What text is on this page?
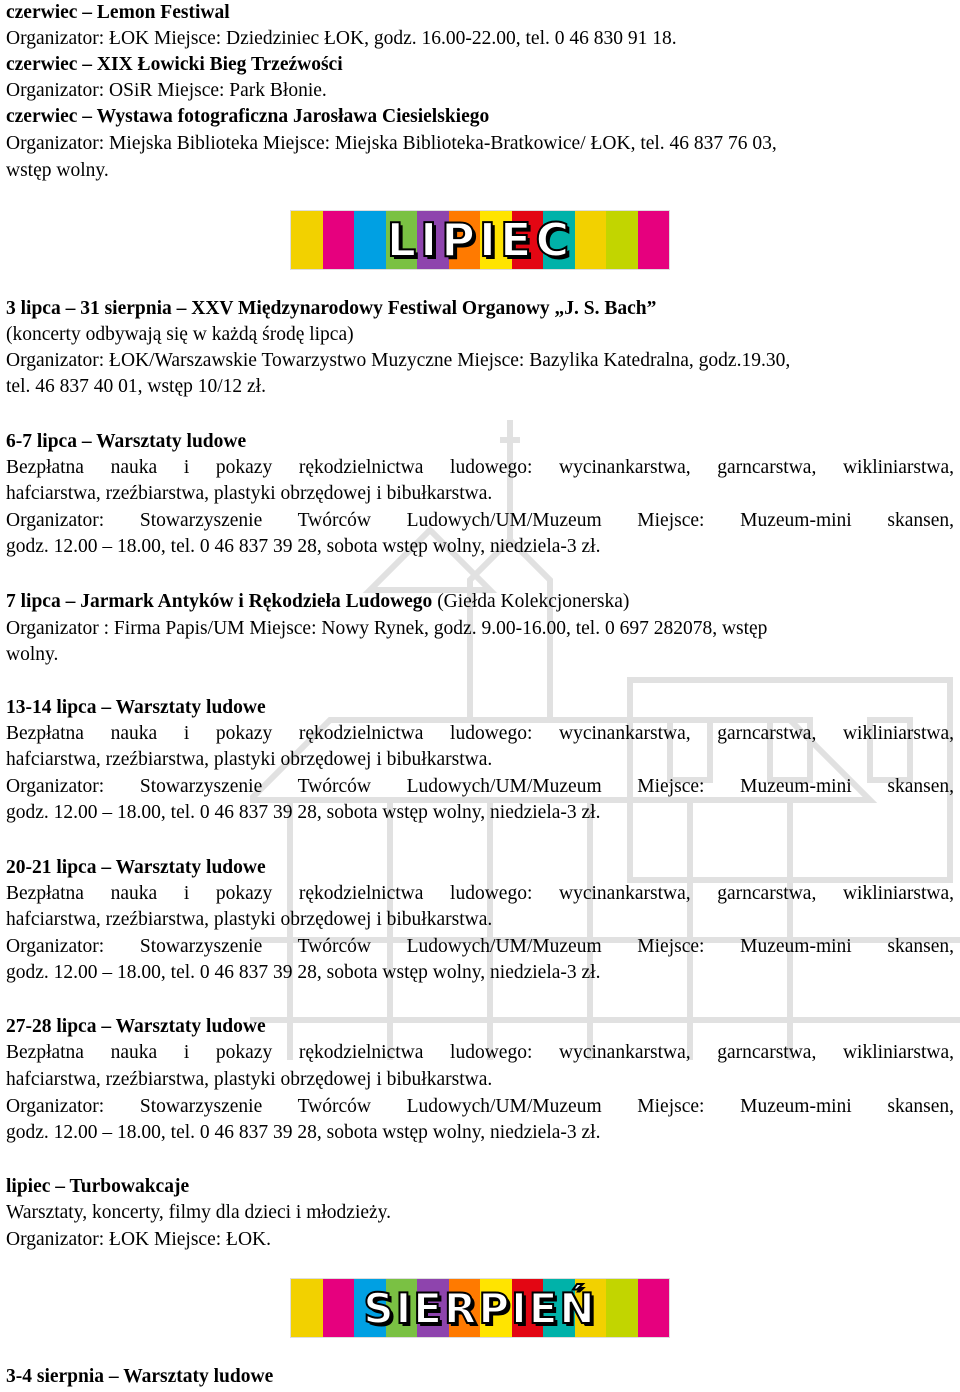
czerwiec – Lemon Festiwal
Organizator: ŁOK Miejsce: Dziedziniec ŁOK, godz. 16.00-22.00, tel. 0 46 830 91 18.
czerwiec – XIX Łowicki Bieg Trzeźwości
Organizator: OSiR Miejsce: Park Błonie.
czerwiec – Wystawa fotograficzna Jarosława Ciesielskiego
Organizator: Miejska Biblioteka Miejsce: Miejska Biblioteka-Bratkowice/ ŁOK, tel. 46 837 76 03,
wstęp wolny.
LIPIEC
3 lipca – 31 sierpnia – XXV Międzynarodowy Festiwal Organowy „J. S. Bach”
(koncerty odbywają się w każdą środę lipca)
Organizator: ŁOK/Warszawskie Towarzystwo Muzyczne Miejsce: Bazylika Katedralna, godz.19.30,
tel. 46 837 40 01, wstęp 10/12 zł.
6-7 lipca – Warsztaty ludowe
Bezpłatna nauka i pokazy rękodzielnictwa ludowego: wycinankarstwa, garncarstwa, wikliniarstwa,
hafciarstwa, rzeźbiarstwa, plastyki obrzędowej i bibułkarstwa.
Organizator: Stowarzyszenie Twórców Ludowych/UM/Muzeum Miejsce: Muzeum-mini skansen,
godz. 12.00 – 18.00, tel. 0 46 837 39 28, sobota wstęp wolny, niedziela-3 zł.
7 lipca – Jarmark Antyków i Rękodzieła Ludowego (Giełda Kolekcjonerska)
Organizator : Firma Papis/UM Miejsce: Nowy Rynek, godz. 9.00-16.00, tel. 0 697 282078, wstęp
wolny.
13-14 lipca – Warsztaty ludowe
Bezpłatna nauka i pokazy rękodzielnictwa ludowego: wycinankarstwa, garncarstwa, wikliniarstwa,
hafciarstwa, rzeźbiarstwa, plastyki obrzędowej i bibułkarstwa.
Organizator: Stowarzyszenie Twórców Ludowych/UM/Muzeum Miejsce: Muzeum-mini skansen,
godz. 12.00 – 18.00, tel. 0 46 837 39 28, sobota wstęp wolny, niedziela-3 zł.
20-21 lipca – Warsztaty ludowe
Bezpłatna nauka i pokazy rękodzielnictwa ludowego: wycinankarstwa, garncarstwa, wikliniarstwa,
hafciarstwa, rzeźbiarstwa, plastyki obrzędowej i bibułkarstwa.
Organizator: Stowarzyszenie Twórców Ludowych/UM/Muzeum Miejsce: Muzeum-mini skansen,
godz. 12.00 – 18.00, tel. 0 46 837 39 28, sobota wstęp wolny, niedziela-3 zł.
27-28 lipca – Warsztaty ludowe
Bezpłatna nauka i pokazy rękodzielnictwa ludowego: wycinankarstwa, garncarstwa, wikliniarstwa,
hafciarstwa, rzeźbiarstwa, plastyki obrzędowej i bibułkarstwa.
Organizator: Stowarzyszenie Twórców Ludowych/UM/Muzeum Miejsce: Muzeum-mini skansen,
godz. 12.00 – 18.00, tel. 0 46 837 39 28, sobota wstęp wolny, niedziela-3 zł.
lipiec – Turbowakcaje
Warsztaty, koncerty, filmy dla dzieci i młodzieży.
Organizator: ŁOK Miejsce: ŁOK.
SIERPIEŃ
3-4 sierpnia – Warsztaty ludowe
